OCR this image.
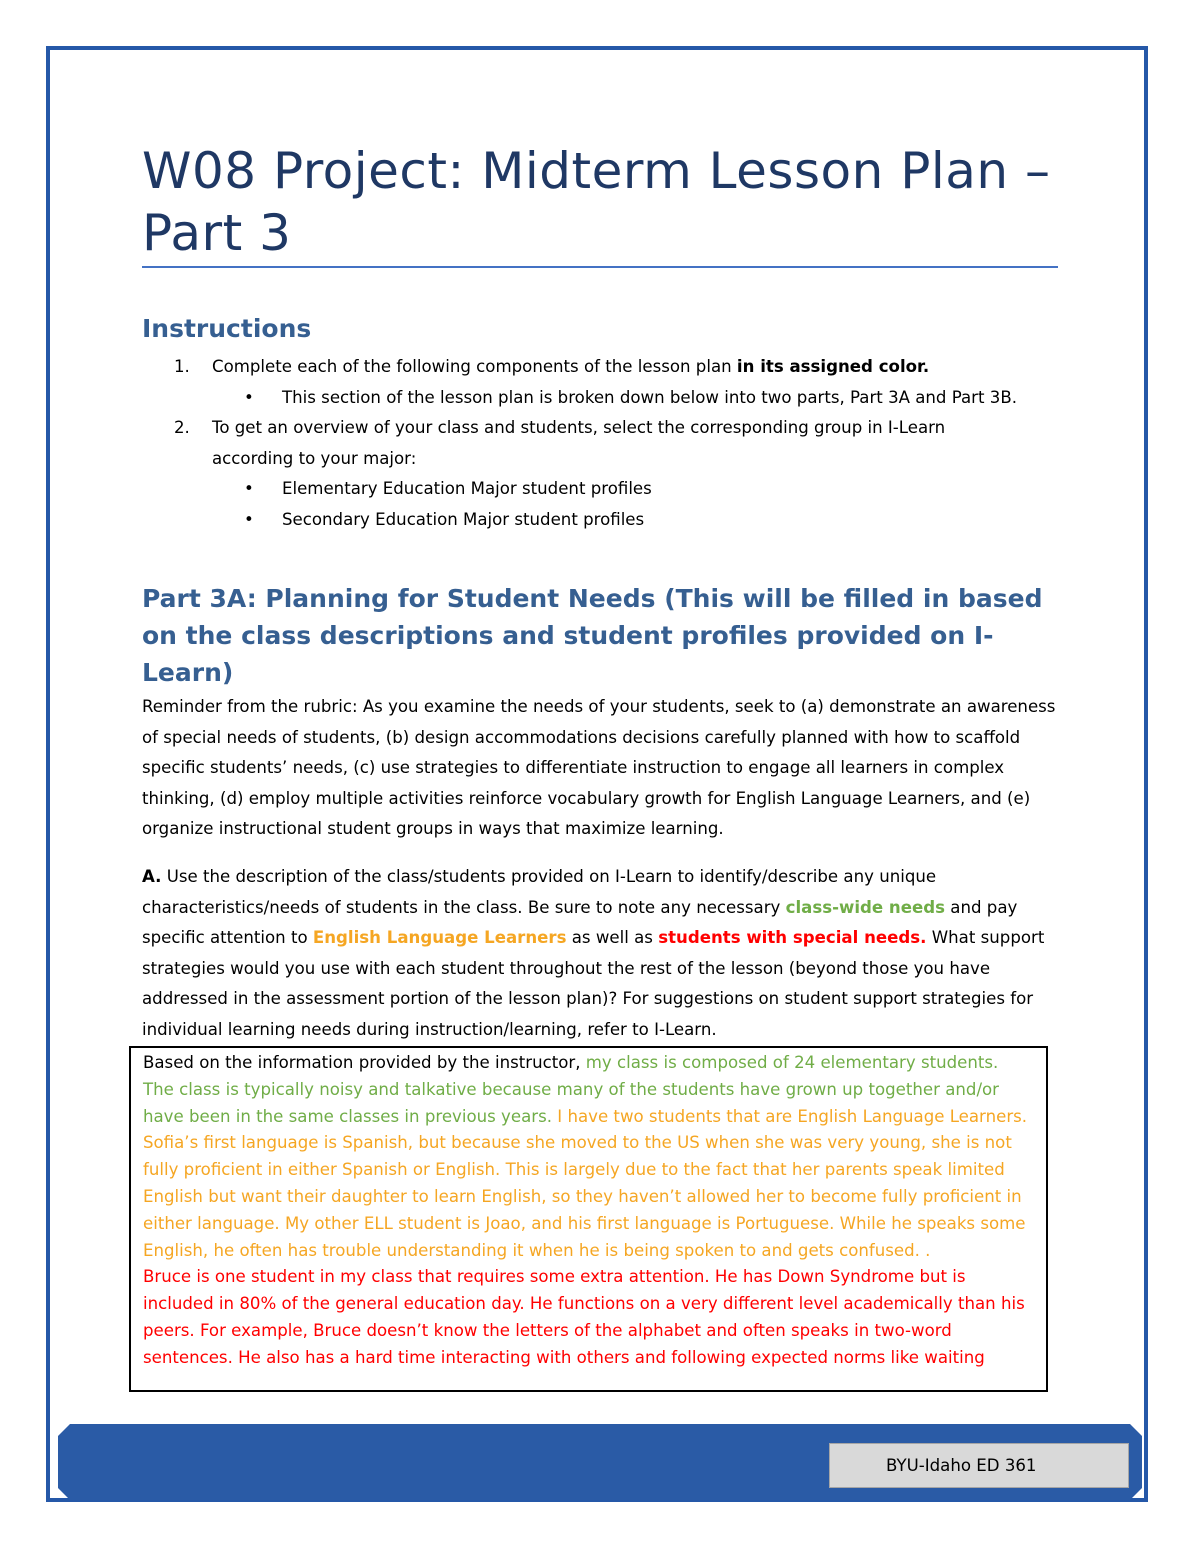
W08 Project: Midterm Lesson Plan – Part 3
Instructions
1. Complete each of the following components of the lesson plan in its assigned color.
• This section of the lesson plan is broken down below into two parts, Part 3A and Part 3B.
2. To get an overview of your class and students, select the corresponding group in I-Learn
according to your major:
• Elementary Education Major student profiles
• Secondary Education Major student profiles
Part 3A: Planning for Student Needs (This will be filled in based on the class descriptions and student profiles provided on I-Learn)

Reminder from the rubric: As you examine the needs of your students, seek to (a) demonstrate an awareness of special needs of students, (b) design accommodations decisions carefully planned with how to scaffold specific students’ needs, (c) use strategies to differentiate instruction to engage all learners in complex thinking, (d) employ multiple activities reinforce vocabulary growth for English Language Learners, and (e) organize instructional student groups in ways that maximize learning.

A. Use the description of the class/students provided on I-Learn to identify/describe any unique characteristics/needs of students in the class. Be sure to note any necessary class-wide needs and pay specific attention to English Language Learners as well as students with special needs. What support strategies would you use with each student throughout the rest of the lesson (beyond those you have addressed in the assessment portion of the lesson plan)? For suggestions on student support strategies for individual learning needs during instruction/learning, refer to I-Learn.

Based on the information provided by the instructor, my class is composed of 24 elementary students. The class is typically noisy and talkative because many of the students have grown up together and/or have been in the same classes in previous years. I have two students that are English Language Learners. Sofia’s first language is Spanish, but because she moved to the US when she was very young, she is not fully proficient in either Spanish or English. This is largely due to the fact that her parents speak limited English but want their daughter to learn English, so they haven’t allowed her to become fully proficient in either language. My other ELL student is Joao, and his first language is Portuguese. While he speaks some English, he often has trouble understanding it when he is being spoken to and gets confused. .

Bruce is one student in my class that requires some extra attention. He has Down Syndrome but is included in 80% of the general education day. He functions on a very different level academically than his peers. For example, Bruce doesn’t know the letters of the alphabet and often speaks in two-word sentences. He also has a hard time interacting with others and following expected norms like waiting

BYU-Idaho ED 361
